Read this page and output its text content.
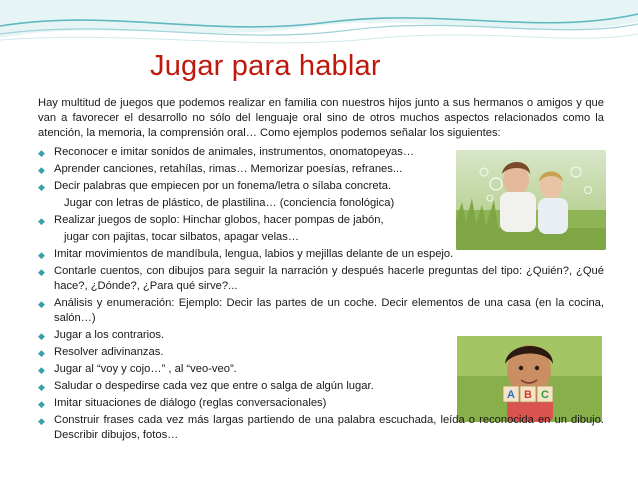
Jugar para hablar
A B C

Hay multitud de juegos que podemos realizar en familia con nuestros hijos junto a sus hermanos o amigos y que van a favorecer el desarrollo no sólo del lenguaje oral sino de otros muchos aspectos relacionados como la atención, la memoria, la comprensión oral… Como ejemplos podemos señalar los siguientes:

◆ Reconocer e imitar sonidos de animales, instrumentos, onomatopeyas…
◆ Aprender canciones, retahílas, rimas… Memorizar poesías, refranes...
◆ Decir palabras que empiecen por un fonema/letra o sílaba concreta.
Jugar con letras de plástico, de plastilina… (conciencia fonológica)
◆ Realizar juegos de soplo: Hinchar globos, hacer pompas de jabón,
jugar con pajitas, tocar silbatos, apagar velas…
◆ Imitar movimientos de mandíbula, lengua, labios y mejillas delante de un espejo.
◆ Contarle cuentos, con dibujos para seguir la narración y después hacerle preguntas del tipo: ¿Quién?, ¿Qué hace?, ¿Dónde?, ¿Para qué sirve?...
◆ Análisis y enumeración: Ejemplo: Decir las partes de un coche. Decir elementos de una casa (en la cocina, salón…)
◆ Jugar a los contrarios.
◆ Resolver adivinanzas.
◆ Jugar al “voy y cojo…” , al “veo-veo”.
◆ Saludar o despedirse cada vez que entre o salga de algún lugar.
◆ Imitar situaciones de diálogo (reglas conversacionales)
◆ Construir frases cada vez más largas partiendo de una palabra escuchada, leída o reconocida en un dibujo. Describir dibujos, fotos…
